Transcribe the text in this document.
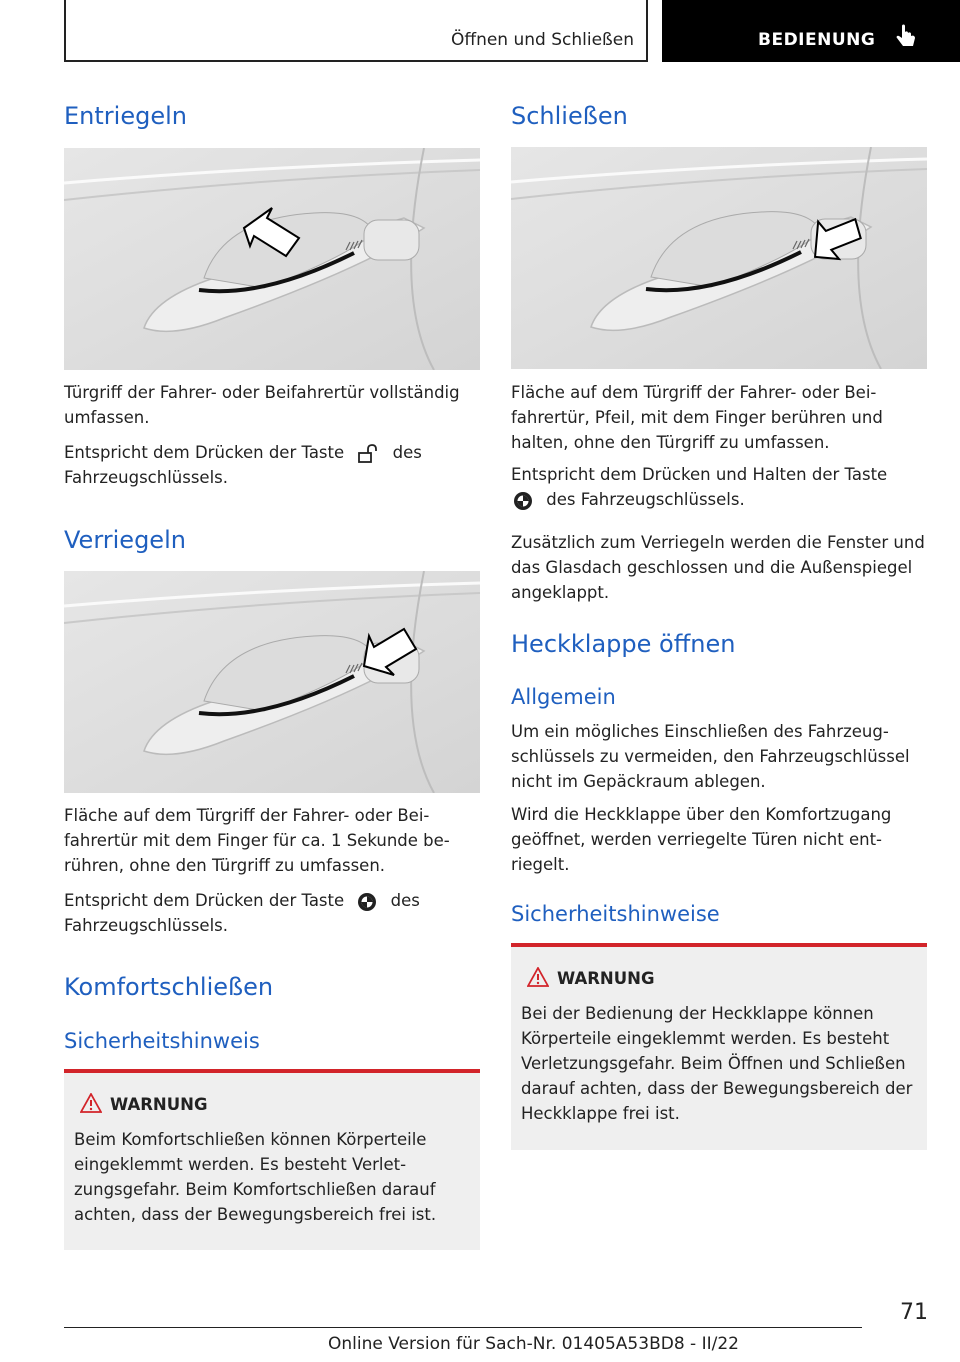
Öffnen und Schließen	BEDIENUNG
Entriegeln

Türgriff der Fahrer- oder Beifahrertür vollständig umfassen.

Entspricht dem Drücken der Taste	des Fahrzeugschlüssels.

Verriegeln

Fläche auf dem Türgriff der Fahrer- oder Beifahrertür mit dem Finger für ca. 1 Sekunde berühren, ohne den Türgriff zu umfassen.

Entspricht dem Drücken der Taste	des Fahrzeugschlüssels.

Komfortschließen
Sicherheitshinweis
WARNUNG

Beim Komfortschließen können Körperteile eingeklemmt werden. Es besteht Verletzungsgefahr. Beim Komfortschließen darauf achten, dass der Bewegungsbereich frei ist.

Schließen

Fläche auf dem Türgriff der Fahrer- oder Beifahrertür, Pfeil, mit dem Finger berühren und halten, ohne den Türgriff zu umfassen.

Entspricht dem Drücken und Halten der Taste
des Fahrzeugschlüssels.

Zusätzlich zum Verriegeln werden die Fenster und das Glasdach geschlossen und die Außenspiegel angeklappt.

Heckklappe öffnen
Allgemein

Um ein mögliches Einschließen des Fahrzeugschlüssels zu vermeiden, den Fahrzeugschlüssel nicht im Gepäckraum ablegen.

Wird die Heckklappe über den Komfortzugang geöffnet, werden verriegelte Türen nicht entriegelt.

Sicherheitshinweise
WARNUNG

Bei der Bedienung der Heckklappe können Körperteile eingeklemmt werden. Es besteht Verletzungsgefahr. Beim Öffnen und Schließen darauf achten, dass der Bewegungsbereich der Heckklappe frei ist.

71
Online Version für Sach-Nr. 01405A53BD8 - II/22
